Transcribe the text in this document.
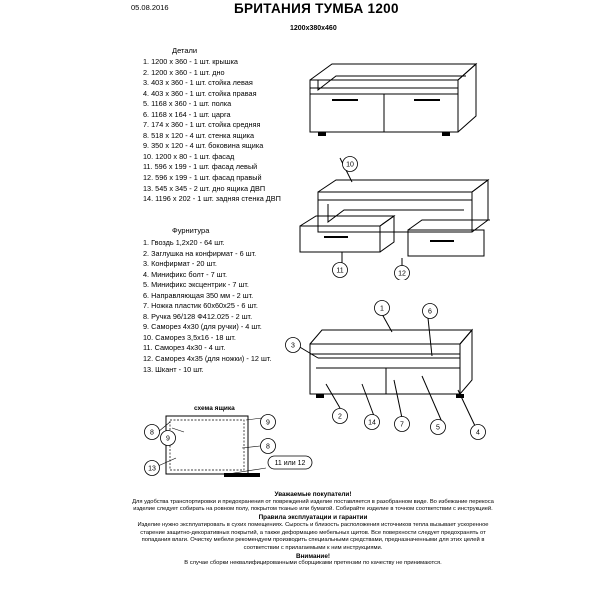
05.08.2016	БРИТАНИЯ ТУМБА 1200
1200х380х460
Детали
1. 1200 х 360 - 1 шт. крышка
2. 1200 х 360 - 1 шт. дно
3. 403 х 360 - 1 шт. стойка левая
4. 403 х 360 - 1 шт. стойка правая
5. 1168 х 360 - 1 шт. полка
6. 1168 х 164 - 1 шт. царга
7. 174 х 360 - 1 шт. стойка средняя
8. 518 х 120 - 4 шт. стенка ящика
9. 350 х 120 - 4 шт. боковина ящика
10. 1200 х 80 - 1 шт. фасад
11. 596 х 199 - 1 шт. фасад левый
12. 596 х 199 - 1 шт. фасад правый
13. 545 х 345 - 2 шт. дно ящика ДВП
14. 1196 х 202 - 1 шт. задняя стенка ДВП
Фурнитура
1. Гвоздь 1,2х20 - 64 шт.
2. Заглушка на конфирмат - 6 шт.
3. Конфирмат - 20 шт.
4. Минификс болт - 7 шт.
5. Минификс эксцентрик - 7 шт.
6. Направляющая 350 мм - 2 шт.
7. Ножка пластик 60х60х25 - 6 шт.
8. Ручка 96/128 Ф412.025 - 2 шт.
9. Саморез 4х30 (для ручки) - 4 шт.
10. Саморез 3,5х16 - 18 шт.
11. Саморез 4х30 - 4 шт.
12. Саморез 4х35 (для ножки) - 12 шт.
13. Шкант - 10 шт.
10
11	12
1	6
3
2
14	7	5
4
схема ящика
8
9
9
8
13
11 или 12
Уважаемые покупатели!
Для удобства транспортировки и предохранения от повреждений изделие поставляется в разобранном виде. Во избежание перекоса изделие следует собирать на ровном полу, покрытом тканью или бумагой. Собирайте изделие в точном соответствии с инструкцией.
Правила эксплуатации и гарантии
Изделие нужно эксплуатировать в сухих помещениях. Сырость и близость расположения источников тепла вызывает ускоренное старение защитно-декоративных покрытий, а также деформацию мебельных щитов. Все поверхности следует предохранять от попадания влаги. Очистку мебели рекомендуем производить специальными средствами, предназначенными для этих целей в соответствии с прилагаемыми к ним инструкциями.
Внимание!
В случае сборки неквалифицированными сборщиками претензии по качеству не принимаются.
